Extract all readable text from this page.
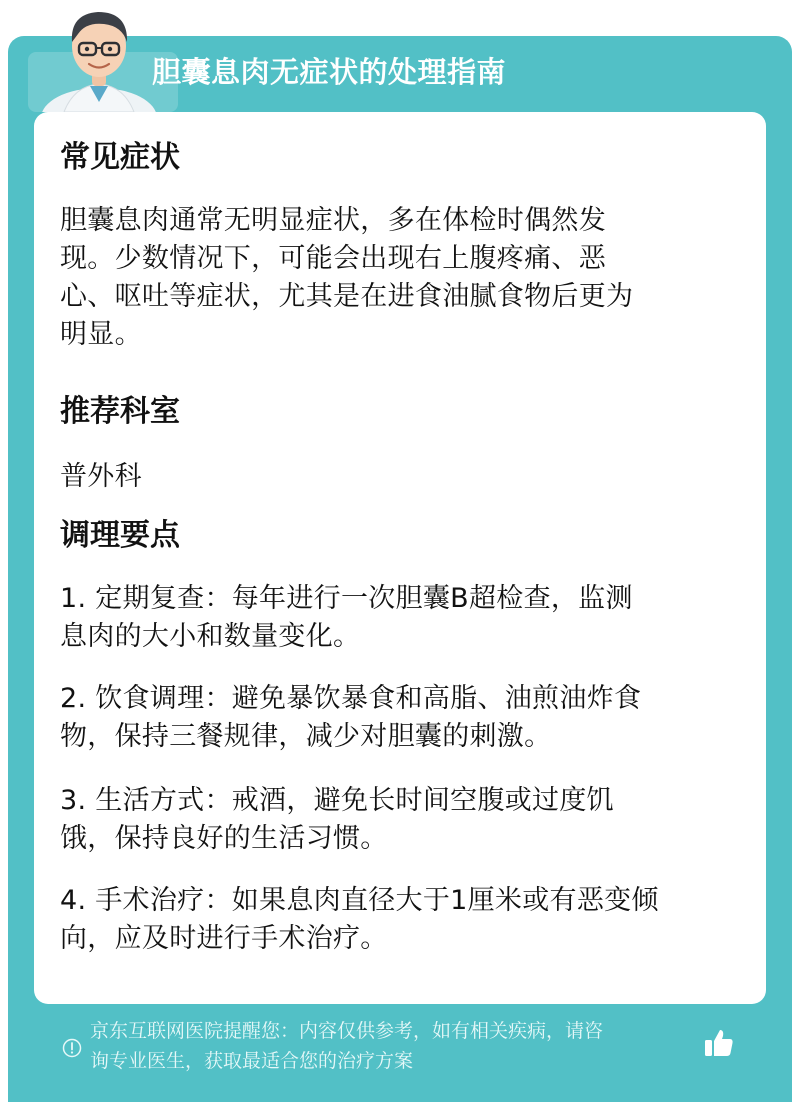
胆囊息肉无症状的处理指南
常见症状
胆囊息肉通常无明显症状，多在体检时偶然发
现。少数情况下，可能会出现右上腹疼痛、恶
心、呕吐等症状，尤其是在进食油腻食物后更为
明显。
推荐科室
普外科
调理要点
1. 定期复查：每年进行一次胆囊B超检查，监测
息肉的大小和数量变化。
2. 饮食调理：避免暴饮暴食和高脂、油煎油炸食
物，保持三餐规律，减少对胆囊的刺激。
3. 生活方式：戒酒，避免长时间空腹或过度饥
饿，保持良好的生活习惯。
4. 手术治疗：如果息肉直径大于1厘米或有恶变倾
向，应及时进行手术治疗。
京东互联网医院提醒您：内容仅供参考，如有相关疾病，请咨
询专业医生，获取最适合您的治疗方案
